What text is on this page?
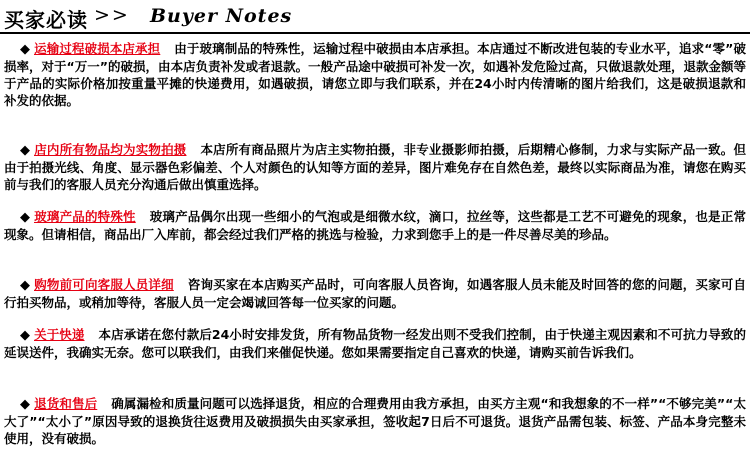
买家必读 >> Buyer Notes
◆ 运输过程破损本店承担 由于玻璃制品的特殊性，运输过程中破损由本店承担。本店通过不断改进包装的专业水平，追求“零”破损率，对于“万一”的破损，由本店负责补发或者退款。一般产品途中破损可补发一次，如遇补发危险过高，只做退款处理，退款金额等于产品的实际价格加按重量平摊的快递费用，如遇破损，请您立即与我们联系，并在24小时内传清晰的图片给我们，这是破损退款和补发的依据。
◆ 店内所有物品均为实物拍摄 本店所有商品照片为店主实物拍摄，非专业摄影师拍摄，后期精心修制，力求与实际产品一致。但由于拍摄光线、角度、显示器色彩偏差、个人对颜色的认知等方面的差异，图片难免存在自然色差，最终以实际商品为准，请您在购买前与我们的客服人员充分沟通后做出慎重选择。
◆ 玻璃产品的特殊性 玻璃产品偶尔出现一些细小的气泡或是细微水纹，滴口，拉丝等，这些都是工艺不可避免的现象，也是正常现象。但请相信，商品出厂入库前，都会经过我们严格的挑选与检验，力求到您手上的是一件尽善尽美的珍品。
◆ 购物前可向客服人员详细 咨询买家在本店购买产品时，可向客服人员咨询，如遇客服人员未能及时回答的您的问题，买家可自行拍买物品，或稍加等待，客服人员一定会竭诚回答每一位买家的问题。
◆ 关于快递 本店承诺在您付款后24小时安排发货，所有物品货物一经发出则不受我们控制，由于快递主观因素和不可抗力导致的延误送件，我确实无奈。您可以联我们，由我们来催促快递。您如果需要指定自己喜欢的快递，请购买前告诉我们。
◆ 退货和售后 确属漏检和质量问题可以选择退货，相应的合理费用由我方承担，由买方主观“和我想象的不一样”“不够完美”“太大了”“太小了”原因导致的退换货往返费用及破损损失由买家承担，签收起7日后不可退货。退货产品需包装、标签、产品本身完整未使用，没有破损。
